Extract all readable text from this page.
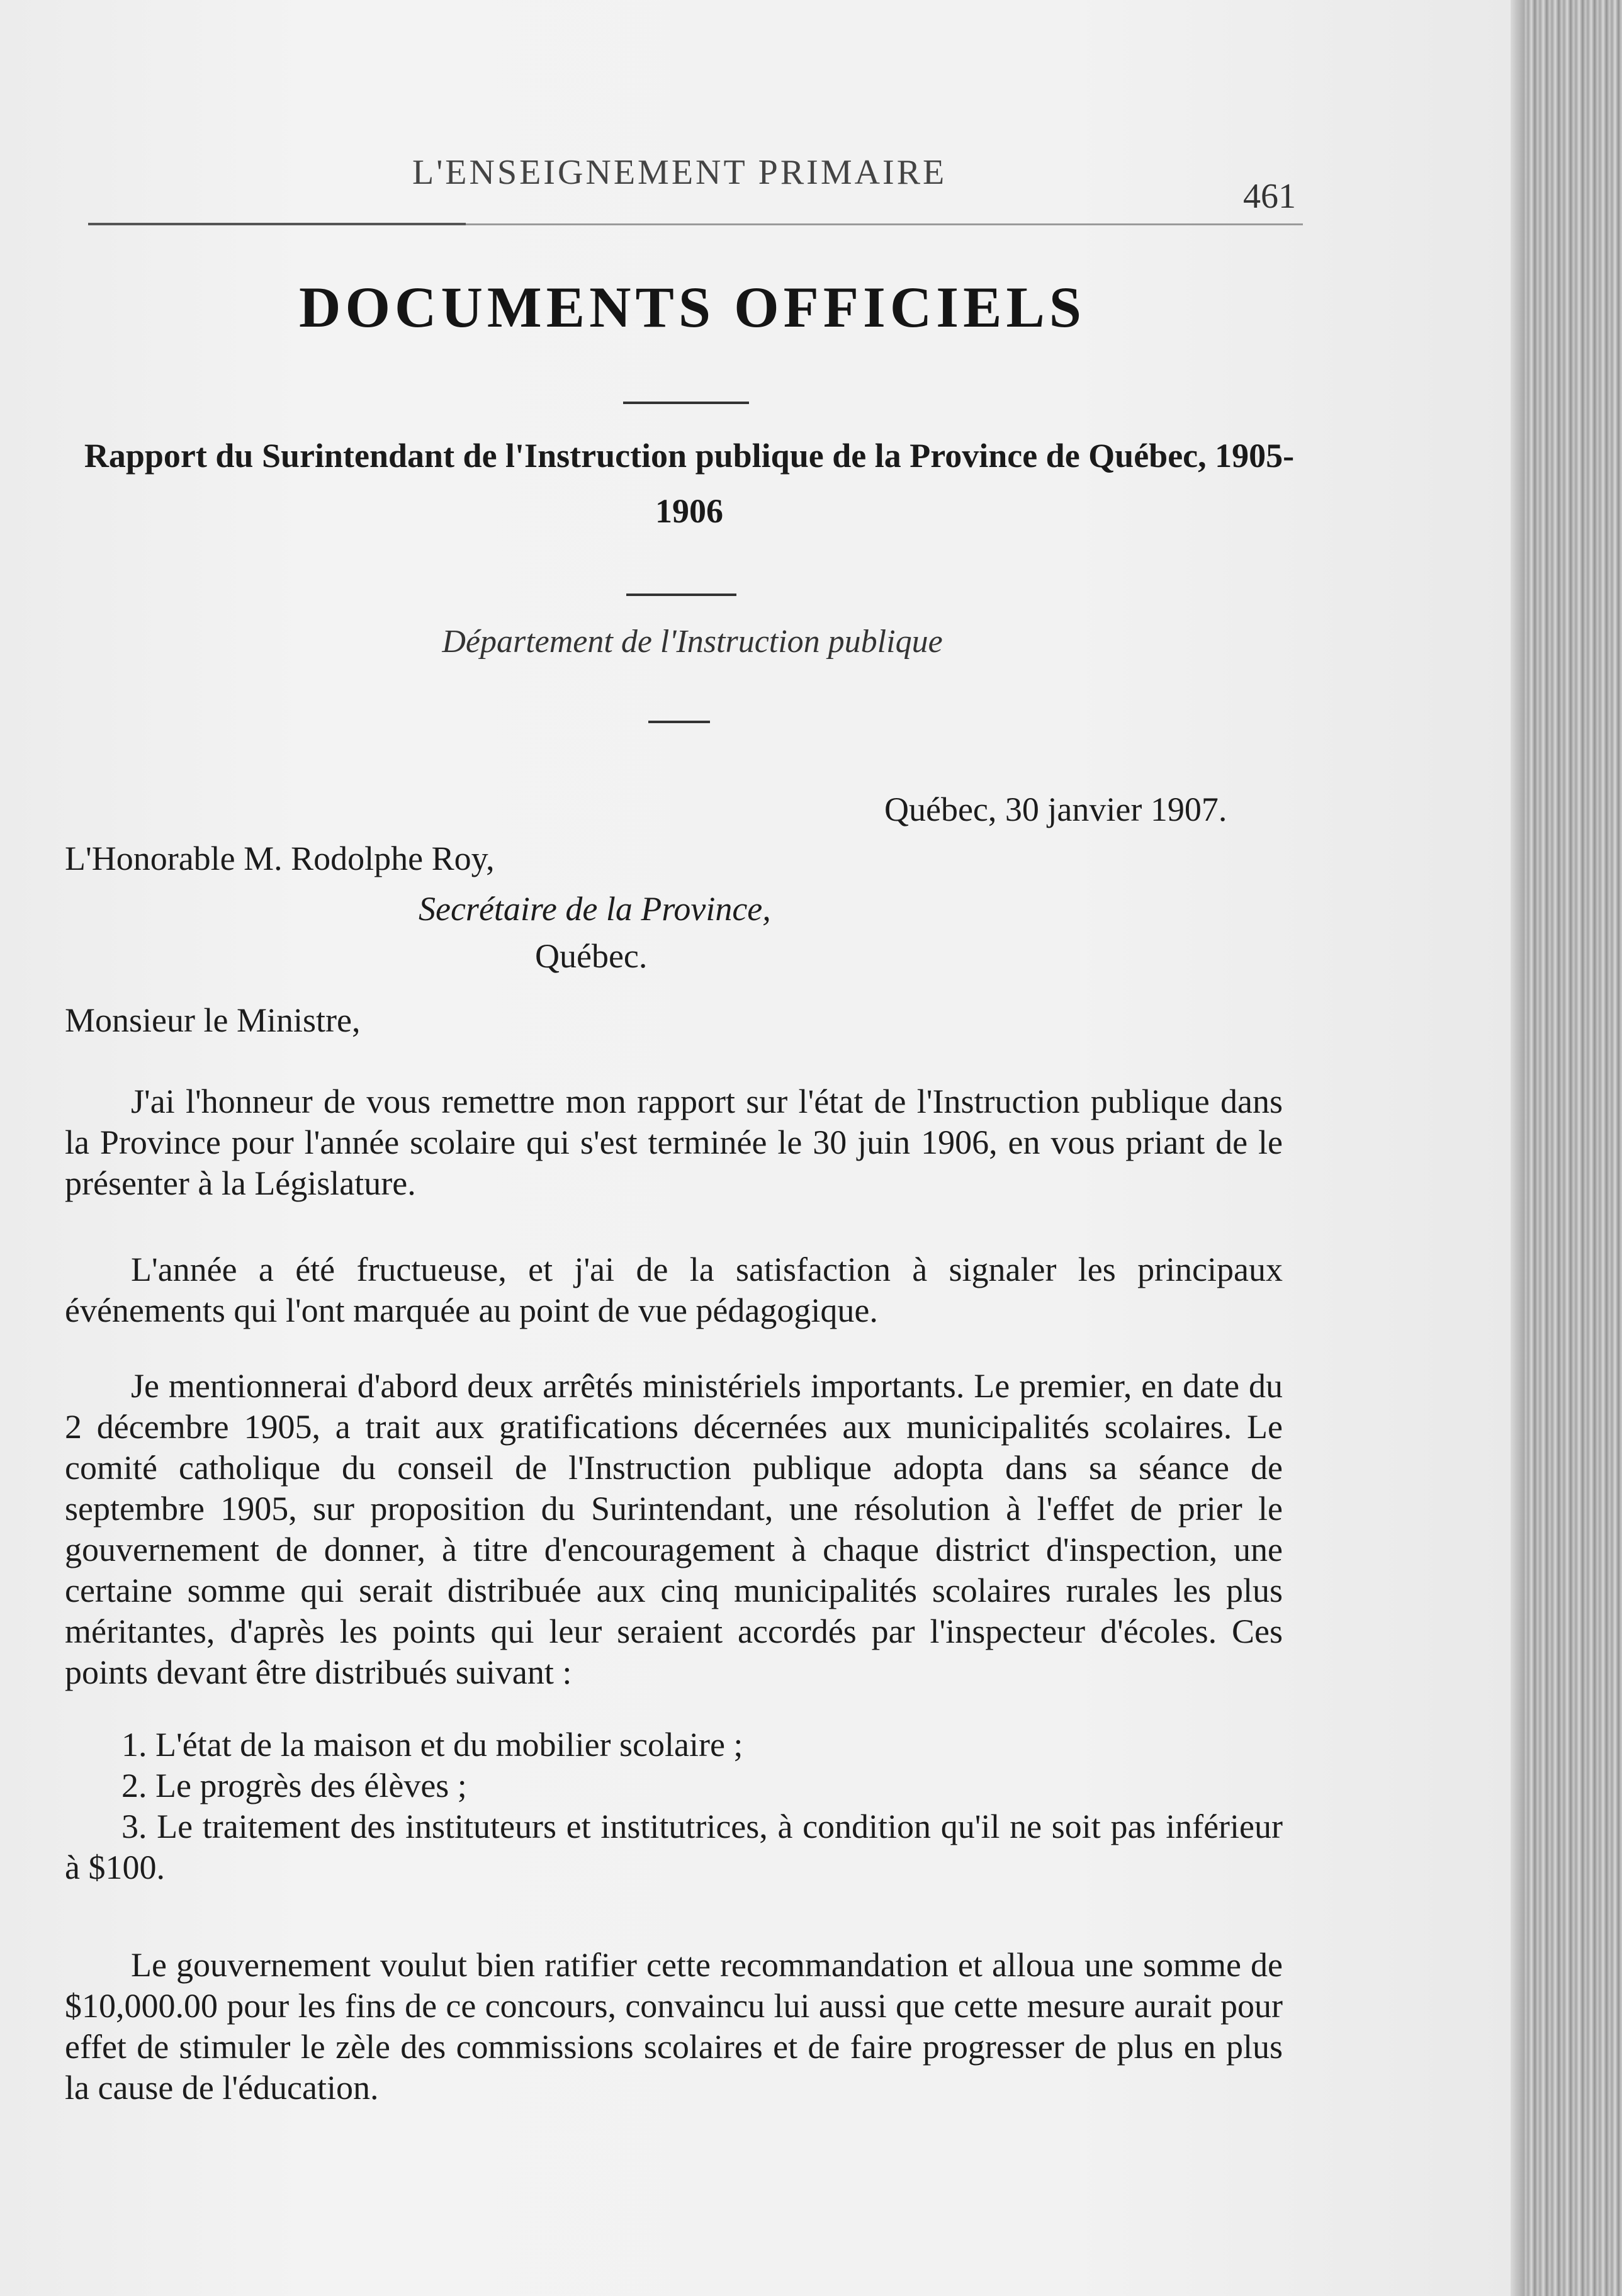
L'ENSEIGNEMENT PRIMAIRE
461
DOCUMENTS OFFICIELS
Rapport du Surintendant de l'Instruction publique de la Province de Québec, 1905-1906
Département de l'Instruction publique
Québec, 30 janvier 1907.
L'Honorable M. Rodolphe Roy,
Secrétaire de la Province,
Québec.
Monsieur le Ministre,

J'ai l'honneur de vous remettre mon rapport sur l'état de l'Instruction publique dans la Province pour l'année scolaire qui s'est terminée le 30 juin 1906, en vous priant de le présenter à la Législature.

L'année a été fructueuse, et j'ai de la satisfaction à signaler les principaux événements qui l'ont marquée au point de vue pédagogique.

Je mentionnerai d'abord deux arrêtés ministériels importants. Le premier, en date du 2 décembre 1905, a trait aux gratifications décernées aux municipalités scolaires. Le comité catholique du conseil de l'Instruction publique adopta dans sa séance de septembre 1905, sur proposition du Surintendant, une résolution à l'effet de prier le gouvernement de donner, à titre d'encouragement à chaque district d'inspection, une certaine somme qui serait distribuée aux cinq municipalités scolaires rurales les plus méritantes, d'après les points qui leur seraient accordés par l'inspecteur d'écoles. Ces points devant être distribués suivant :

1. L'état de la maison et du mobilier scolaire ;
2. Le progrès des élèves ;
3. Le traitement des instituteurs et institutrices, à condition qu'il ne soit pas inférieur à $100.

Le gouvernement voulut bien ratifier cette recommandation et alloua une somme de $10,000.00 pour les fins de ce concours, convaincu lui aussi que cette mesure aurait pour effet de stimuler le zèle des commissions scolaires et de faire progresser de plus en plus la cause de l'éducation.
